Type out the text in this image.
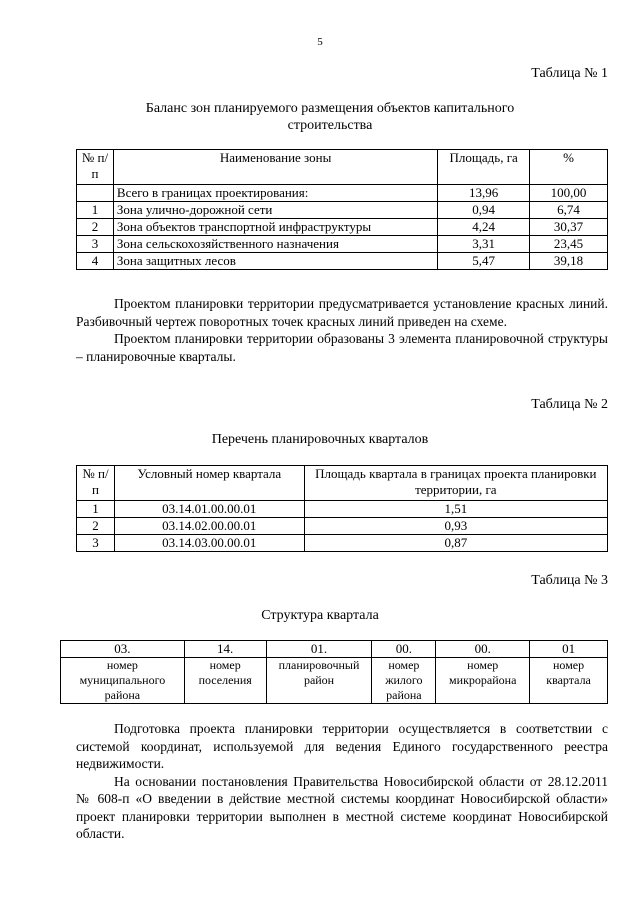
5
Таблица № 1
Баланс зон планируемого размещения объектов капитального строительства
№ п/п	Наименование зоны	Площадь, га	%
	Всего в границах проектирования:	13,96	100,00
1	Зона улично-дорожной сети	0,94	6,74
2	Зона объектов транспортной инфраструктуры	4,24	30,37
3	Зона сельскохозяйственного назначения	3,31	23,45
4	Зона защитных лесов	5,47	39,18
Проектом планировки территории предусматривается установление красных линий. Разбивочный чертеж поворотных точек красных линий приведен на схеме.
Проектом планировки территории образованы 3 элемента планировочной структуры – планировочные кварталы.
Таблица № 2
Перечень планировочных кварталов
№ п/п	Условный номер квартала	Площадь квартала в границах проекта планировки территории, га
1	03.14.01.00.00.01	1,51
2	03.14.02.00.00.01	0,93
3	03.14.03.00.00.01	0,87
Таблица № 3
Структура квартала
03.	14.	01.	00.	00.	01
номер муниципального района	номер поселения	планировочный район	номер жилого района	номер микрорайона	номер квартала
Подготовка проекта планировки территории осуществляется в соответствии с системой координат, используемой для ведения Единого государственного реестра недвижимости.
На основании постановления Правительства Новосибирской области от 28.12.2011 № 608-п «О введении в действие местной системы координат Новосибирской области» проект планировки территории выполнен в местной системе координат Новосибирской области.
